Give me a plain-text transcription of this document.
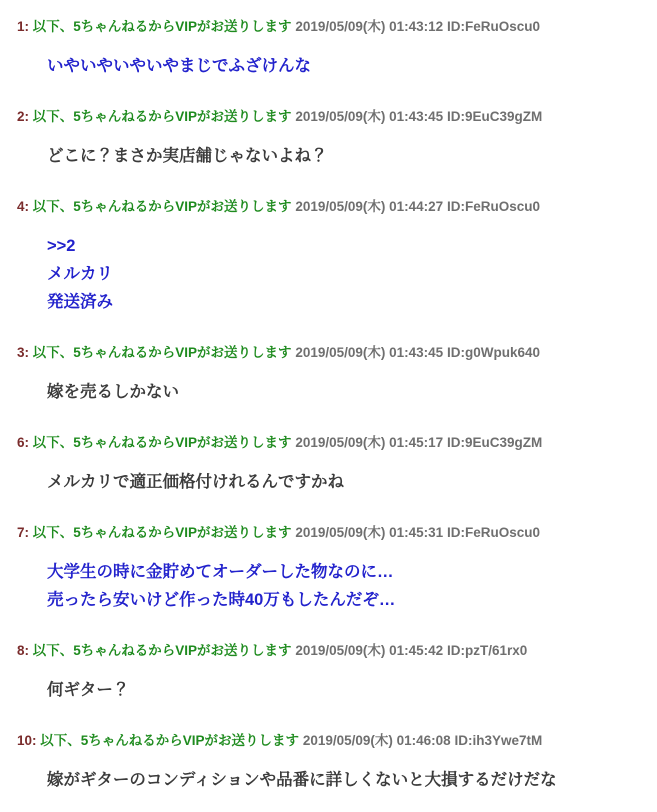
1: 以下、5ちゃんねるからVIPがお送りします 2019/05/09(木) 01:43:12 ID:FeRuOscu0
いやいやいやいやまじでふざけんな
2: 以下、5ちゃんねるからVIPがお送りします 2019/05/09(木) 01:43:45 ID:9EuC39gZM
どこに？まさか実店舗じゃないよね？
4: 以下、5ちゃんねるからVIPがお送りします 2019/05/09(木) 01:44:27 ID:FeRuOscu0
>>2
メルカリ
発送済み
3: 以下、5ちゃんねるからVIPがお送りします 2019/05/09(木) 01:43:45 ID:g0Wpuk640
嫁を売るしかない
6: 以下、5ちゃんねるからVIPがお送りします 2019/05/09(木) 01:45:17 ID:9EuC39gZM
メルカリで適正価格付けれるんですかね
7: 以下、5ちゃんねるからVIPがお送りします 2019/05/09(木) 01:45:31 ID:FeRuOscu0
大学生の時に金貯めてオーダーした物なのに…
売ったら安いけど作った時40万もしたんだぞ…
8: 以下、5ちゃんねるからVIPがお送りします 2019/05/09(木) 01:45:42 ID:pzT/61rx0
何ギター？
10: 以下、5ちゃんねるからVIPがお送りします 2019/05/09(木) 01:46:08 ID:ih3Ywe7tM
嫁がギターのコンディションや品番に詳しくないと大損するだけだな
